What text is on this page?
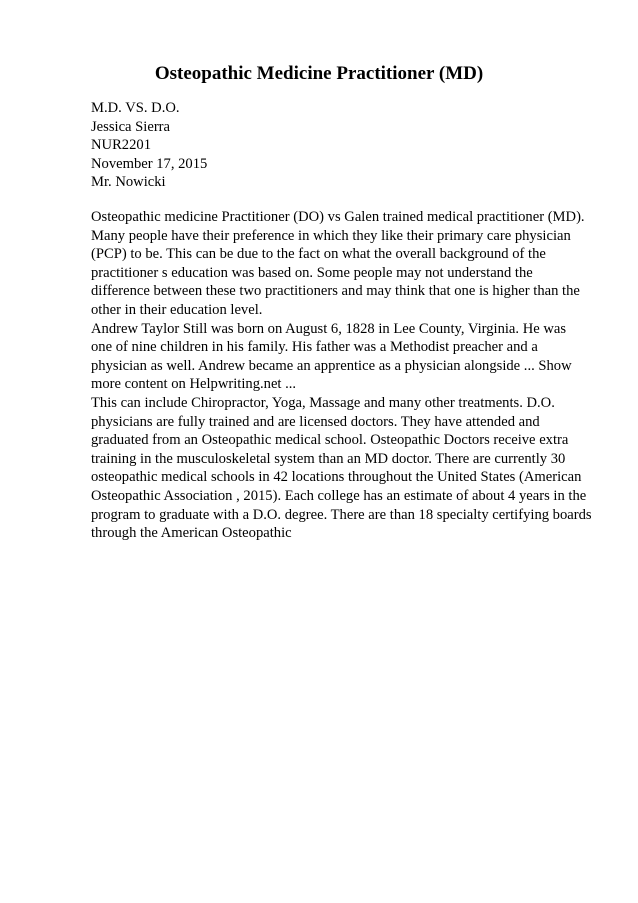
Osteopathic Medicine Practitioner (MD)
M.D. VS. D.O.
Jessica Sierra
NUR2201
November 17, 2015
Mr. Nowicki

Osteopathic medicine Practitioner (DO) vs Galen trained medical practitioner (MD).
Many people have their preference in which they like their primary care physician
(PCP) to be. This can be due to the fact on what the overall background of the
practitioner s education was based on. Some people may not understand the
difference between these two practitioners and may think that one is higher than the
other in their education level.

Andrew Taylor Still was born on August 6, 1828 in Lee County, Virginia. He was
one of nine children in his family. His father was a Methodist preacher and a
physician as well. Andrew became an apprentice as a physician alongside ... Show
more content on Helpwriting.net ...

This can include Chiropractor, Yoga, Massage and many other treatments. D.O.
physicians are fully trained and are licensed doctors. They have attended and
graduated from an Osteopathic medical school. Osteopathic Doctors receive extra
training in the musculoskeletal system than an MD doctor. There are currently 30
osteopathic medical schools in 42 locations throughout the United States (American
Osteopathic Association , 2015). Each college has an estimate of about 4 years in the
program to graduate with a D.O. degree. There are than 18 specialty certifying boards
through the American Osteopathic
